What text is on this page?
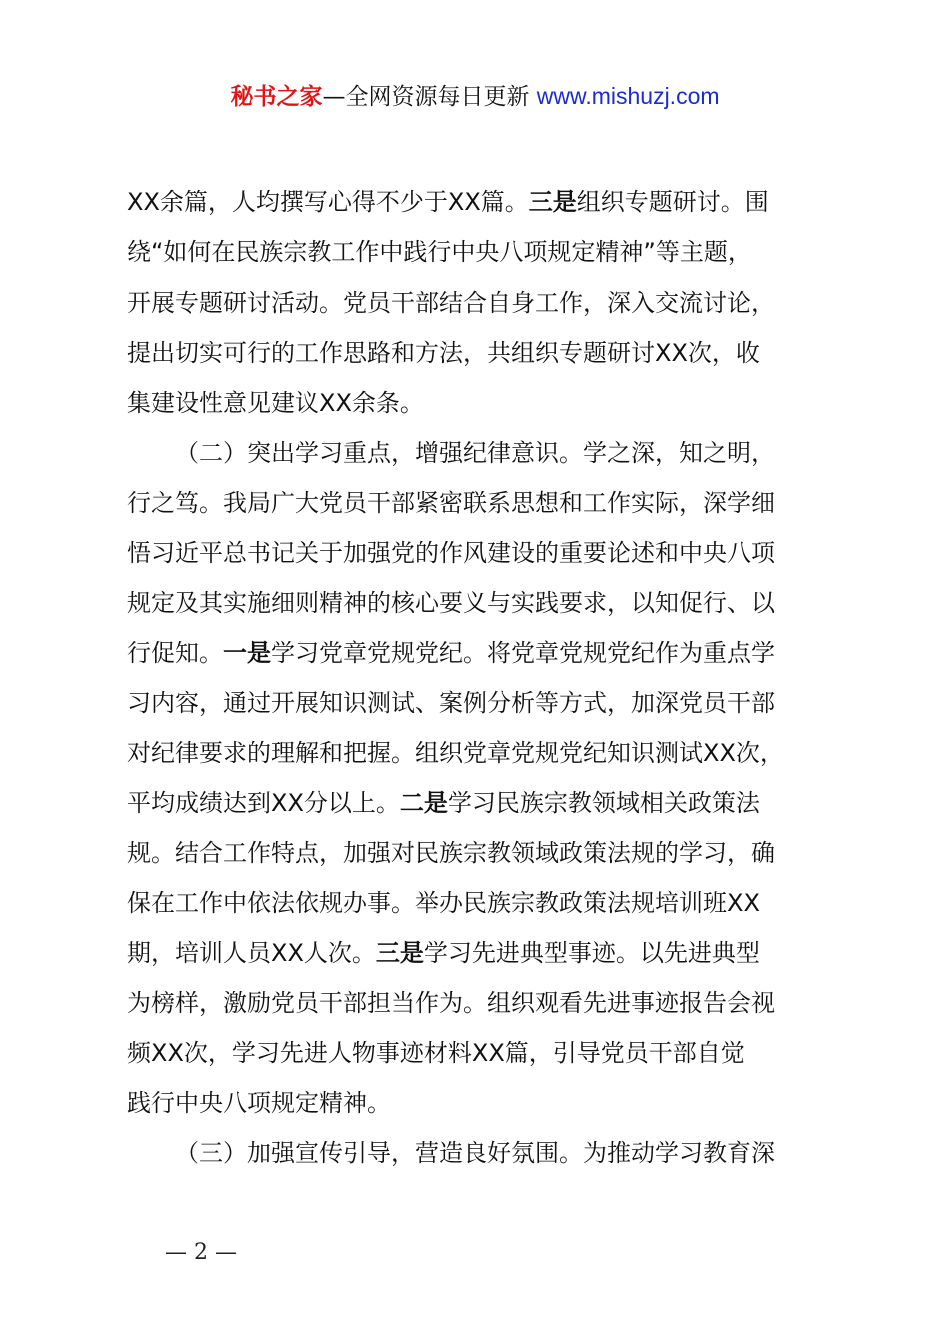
秘书之家—全网资源每日更新 www.mishuzj.com
XX余篇，人均撰写心得不少于XX篇。三是组织专题研讨。围
绕“如何在民族宗教工作中践行中央八项规定精神”等主题，
开展专题研讨活动。党员干部结合自身工作，深入交流讨论，
提出切实可行的工作思路和方法，共组织专题研讨XX次，收
集建设性意见建议XX余条。
（二）突出学习重点，增强纪律意识。学之深，知之明，
行之笃。我局广大党员干部紧密联系思想和工作实际，深学细
悟习近平总书记关于加强党的作风建设的重要论述和中央八项
规定及其实施细则精神的核心要义与实践要求，以知促行、以
行促知。一是学习党章党规党纪。将党章党规党纪作为重点学
习内容，通过开展知识测试、案例分析等方式，加深党员干部
对纪律要求的理解和把握。组织党章党规党纪知识测试XX次，
平均成绩达到XX分以上。二是学习民族宗教领域相关政策法
规。结合工作特点，加强对民族宗教领域政策法规的学习，确
保在工作中依法依规办事。举办民族宗教政策法规培训班XX
期，培训人员XX人次。三是学习先进典型事迹。以先进典型
为榜样，激励党员干部担当作为。组织观看先进事迹报告会视
频XX次，学习先进人物事迹材料XX篇，引导党员干部自觉
践行中央八项规定精神。
（三）加强宣传引导，营造良好氛围。为推动学习教育深
— 2 —
